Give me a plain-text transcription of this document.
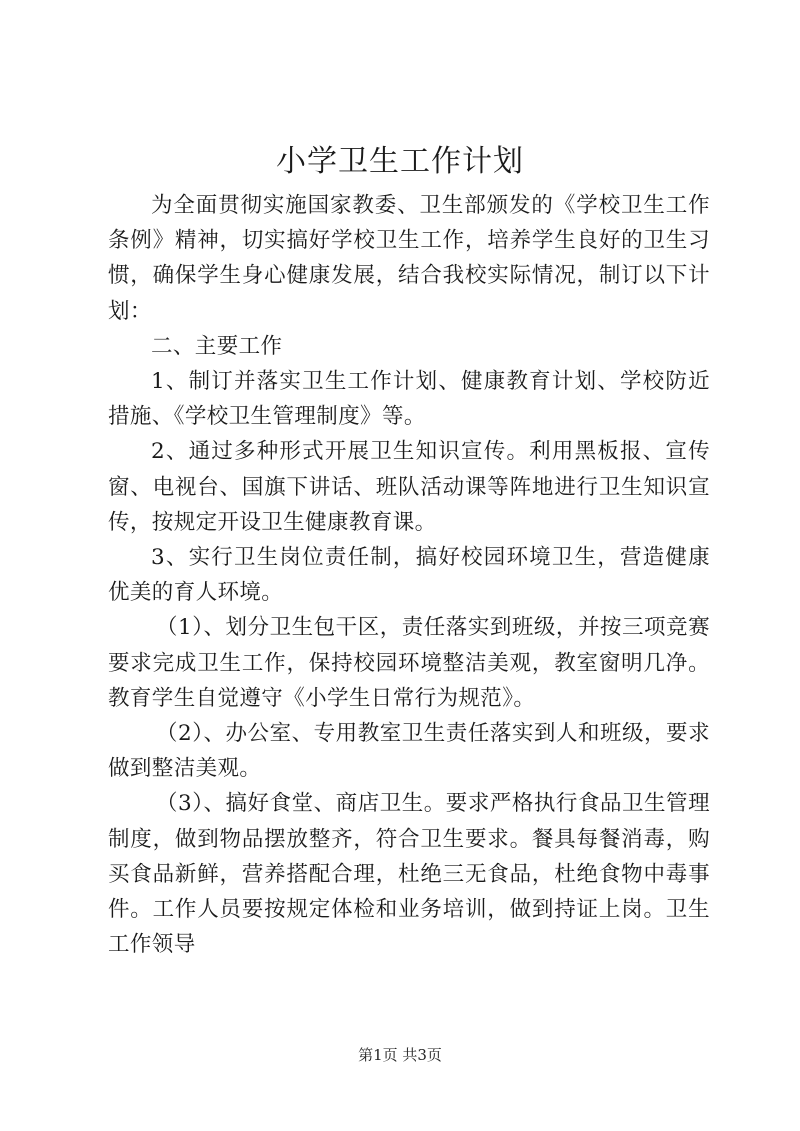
小学卫生工作计划

为全面贯彻实施国家教委、卫生部颁发的《学校卫生工作条例》精神，切实搞好学校卫生工作，培养学生良好的卫生习惯，确保学生身心健康发展，结合我校实际情况，制订以下计划：

二、主要工作

1、制订并落实卫生工作计划、健康教育计划、学校防近措施、《学校卫生管理制度》等。

2、通过多种形式开展卫生知识宣传。利用黑板报、宣传窗、电视台、国旗下讲话、班队活动课等阵地进行卫生知识宣传，按规定开设卫生健康教育课。

3、实行卫生岗位责任制，搞好校园环境卫生，营造健康优美的育人环境。

（1）、划分卫生包干区，责任落实到班级，并按三项竞赛要求完成卫生工作，保持校园环境整洁美观，教室窗明几净。教育学生自觉遵守《小学生日常行为规范》。

（2）、办公室、专用教室卫生责任落实到人和班级，要求做到整洁美观。

（3）、搞好食堂、商店卫生。要求严格执行食品卫生管理制度，做到物品摆放整齐，符合卫生要求。餐具每餐消毒，购买食品新鲜，营养搭配合理，杜绝三无食品，杜绝食物中毒事件。工作人员要按规定体检和业务培训，做到持证上岗。卫生工作领导

第1页 共3页
